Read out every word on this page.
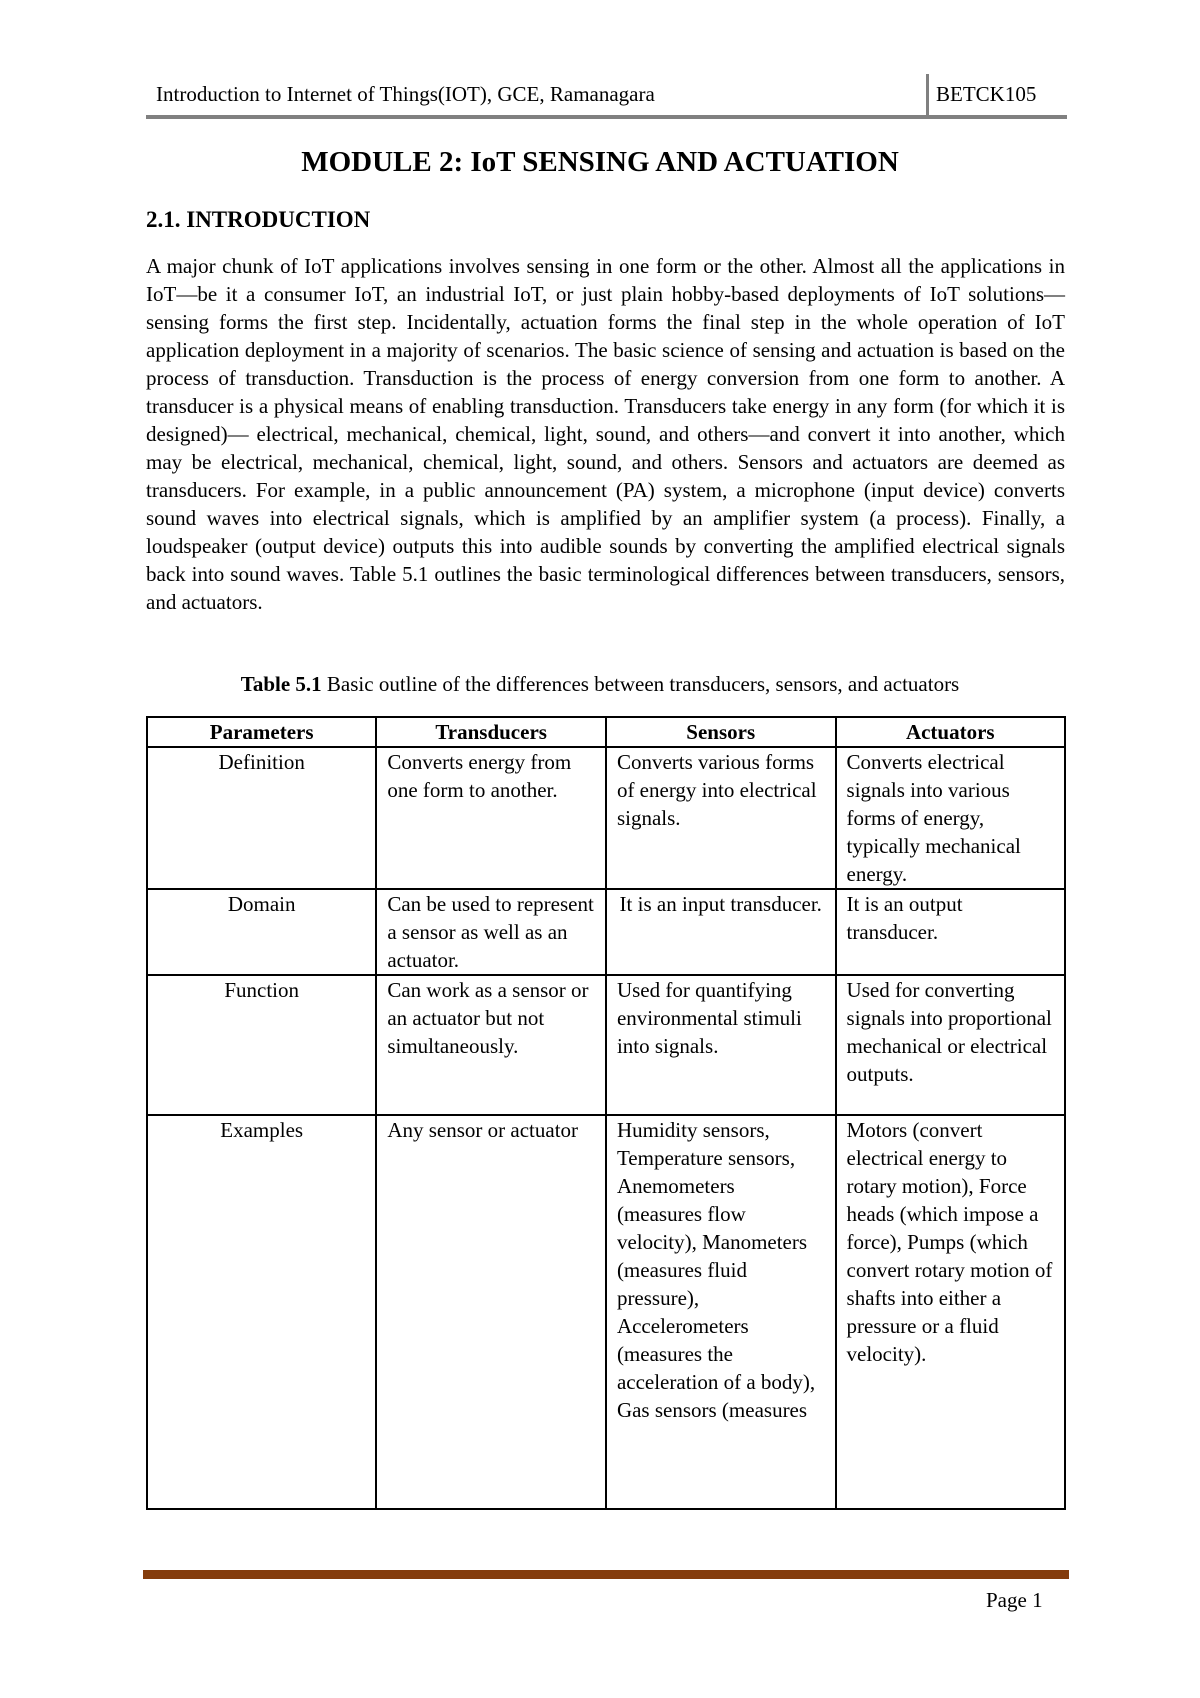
Introduction to Internet of Things(IOT), GCE, Ramanagara	BETCK105
MODULE 2: IoT SENSING AND ACTUATION
2.1. INTRODUCTION

A major chunk of IoT applications involves sensing in one form or the other. Almost all the applications in IoT—be it a consumer IoT, an industrial IoT, or just plain hobby-based deployments of IoT solutions—sensing forms the first step. Incidentally, actuation forms the final step in the whole operation of IoT application deployment in a majority of scenarios. The basic science of sensing and actuation is based on the process of transduction. Transduction is the process of energy conversion from one form to another. A transducer is a physical means of enabling transduction. Transducers take energy in any form (for which it is designed)— electrical, mechanical, chemical, light, sound, and others—and convert it into another, which may be electrical, mechanical, chemical, light, sound, and others. Sensors and actuators are deemed as transducers. For example, in a public announcement (PA) system, a microphone (input device) converts sound waves into electrical signals, which is amplified by an amplifier system (a process). Finally, a loudspeaker (output device) outputs this into audible sounds by converting the amplified electrical signals back into sound waves. Table 5.1 outlines the basic terminological differences between transducers, sensors, and actuators.

Table 5.1 Basic outline of the differences between transducers, sensors, and actuators
Parameters	Transducers	Sensors	Actuators
Definition	Converts energy from one form to another.	Converts various forms of energy into electrical signals.	Converts electrical signals into various forms of energy, typically mechanical energy.
Domain	Can be used to represent a sensor as well as an actuator.	It is an input transducer.	It is an output transducer.
Function	Can work as a sensor or an actuator but not simultaneously.	Used for quantifying environmental stimuli into signals.	Used for converting signals into proportional mechanical or electrical outputs.
Examples	Any sensor or actuator	Humidity sensors, Temperature sensors, Anemometers (measures flow velocity), Manometers (measures fluid pressure), Accelerometers (measures the acceleration of a body), Gas sensors (measures	Motors (convert electrical energy to rotary motion), Force heads (which impose a force), Pumps (which convert rotary motion of shafts into either a pressure or a fluid velocity).
Page 1
